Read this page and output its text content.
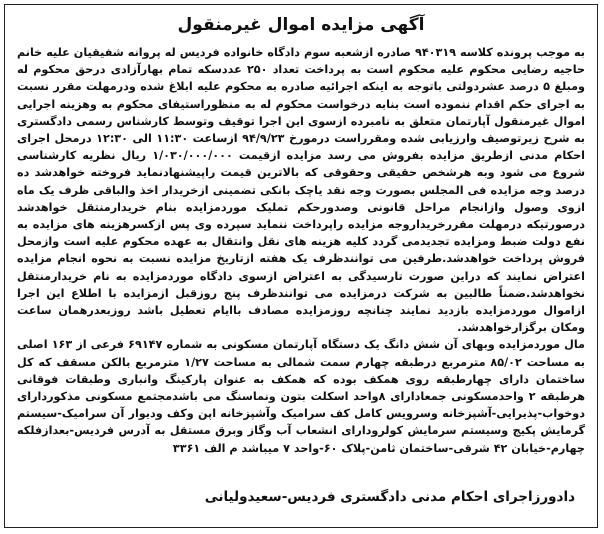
آگهی مزایده اموال غیرمنقول

به موجب پرونده کلاسه ۹۴۰۳۱۹ صادره ازشعبه سوم دادگاه خانواده فردیس له پروانه شفیقیان علیه خانم حاجیه رضایی محکوم علیه محکوم است به پرداخت تعداد ۲۵۰ عددسکه تمام بهارآزادی درحق محکوم له ومبلغ ۵ درصد عشردولتی باتوجه به اینکه اجرائیه صادره به محکوم علیه ابلاغ شده ودرمهلت مقرر نسبت به اجرای حکم اقدام ننموده است بنابه درخواست محکوم له به منظوراستیفای محکوم به وهزینه اجرایی اموال غیرمنقول آپارتمان متعلق به نامبرده ازسوی این اجرا توقیف وتوسط کارشناس رسمی دادگستری به شرح زیرتوصیف وارزیابی شده ومقرراست درمورخ ۹۴/۹/۲۳ ازساعت ۱۱:۳۰ الی ۱۲:۳۰ درمحل اجرای احکام مدنی ازطریق مزایده بفروش می رسد مزایده ازقیمت ۱/۰۳۰/۰۰۰/۰۰۰ ریال نظریه کارشناسی شروع می شود وبه هرشخص حقیقی وحقوقی که بالاترین قیمت راپیشنهادنماید فروخته خواهدشد ده درصد وجه مزایده فی المجلس بصورت وجه نقد یاچک بانکی تضمینی ازخریدار اخذ والباقی ظرف یک ماه ازوی وصول وازانجام مراحل قانونی وصدورحکم تملیک موردمزایده بنام خریدارمنتقل خواهدشد درصورتیکه درمهلت مقررخریداروجه مزایده راپرداخت ننماید سپرده وی پس ازکسرهزینه های مزایده به نفع دولت ضبط ومزایده تجدیدمی گردد کلیه هزینه های نقل وانتقال به عهده محکوم علیه است وازمحل فروش پرداخت خواهدشد.طرفین می توانندظرف یک هفته ازتاریخ مزایده نسبت به نحوه انجام مزایده اعتراض نمایند که دراین صورت تارسیدگی به اعتراض ازسوی دادگاه موردمزایده به نام خریدارمنتقل نخواهدشد.ضمناً طالبین به شرکت درمزایده می توانندظرف پنج روزقبل ازمزایده با اطلاع این اجرا ازاموال موردمزایده بازدید نمایند چنانچه روزمزایده مصادف باایام تعطیل باشد روزبعدرهمان ساعت ومکان برگزارخواهدشد.

مال موردمزایده وبهای آن شش دانگ یک دستگاه آپارتمان مسکونی به شماره ۶۹۱۴۷ فرعی از ۱۶۳ اصلی به مساحت ۸۵/۰۲ مترمربع درطبقه چهارم سمت شمالی به مساحت ۱/۲۷ مترمربع بالکن مسقف که کل ساختمان دارای چهارطبقه روی همکف بوده که همکف به عنوان پارکینگ وانباری وطبقات فوقانی هرطبقه ۲ واحدمسکونی جمعادارای ۸واحد اسکلت بتون ونماسنگ می باشدمجتمع مسکونی مذکوردارای دوخواب-پذیرایی-آشپزخانه وسرویس کامل کف سرامیک وآشپزخانه اپن وکف ودیوار آن سرامیک-سیستم گرمایش پکیج وسیستم سرمایش کولرودارای انشعاب آب وگاز وبرق مستقل به آدرس فردیس-بعدازفلکه چهارم-خیابان ۴۲ شرقی-ساختمان ثامن-پلاک ۶۰-واحد ۷ میباشد م الف ۳۳۶۱

دادورزاجرای احکام مدنی دادگستری فردیس-سعیدولیانی
